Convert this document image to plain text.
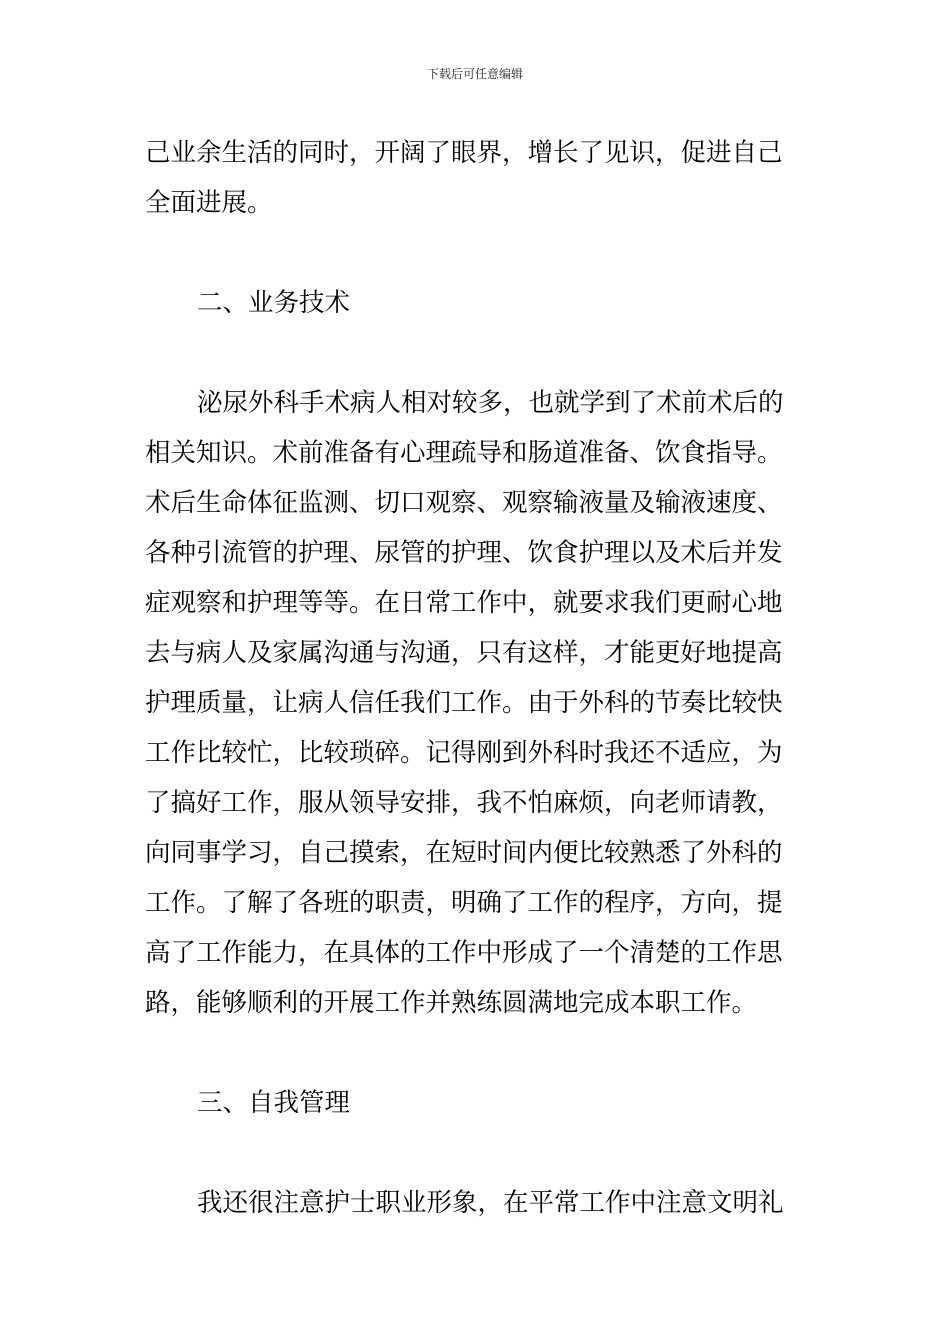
下载后可任意编辑
己业余生活的同时，开阔了眼界，增长了见识，促进自己
全面进展。
二、业务技术
泌尿外科手术病人相对较多，也就学到了术前术后的
相关知识。术前准备有心理疏导和肠道准备、饮食指导。
术后生命体征监测、切口观察、观察输液量及输液速度、
各种引流管的护理、尿管的护理、饮食护理以及术后并发
症观察和护理等等。在日常工作中，就要求我们更耐心地
去与病人及家属沟通与沟通，只有这样，才能更好地提高
护理质量，让病人信任我们工作。由于外科的节奏比较快
工作比较忙，比较琐碎。记得刚到外科时我还不适应，为
了搞好工作，服从领导安排，我不怕麻烦，向老师请教，
向同事学习，自己摸索，在短时间内便比较熟悉了外科的
工作。了解了各班的职责，明确了工作的程序，方向，提
高了工作能力，在具体的工作中形成了一个清楚的工作思
路，能够顺利的开展工作并熟练圆满地完成本职工作。
三、自我管理
我还很注意护士职业形象，在平常工作中注意文明礼
